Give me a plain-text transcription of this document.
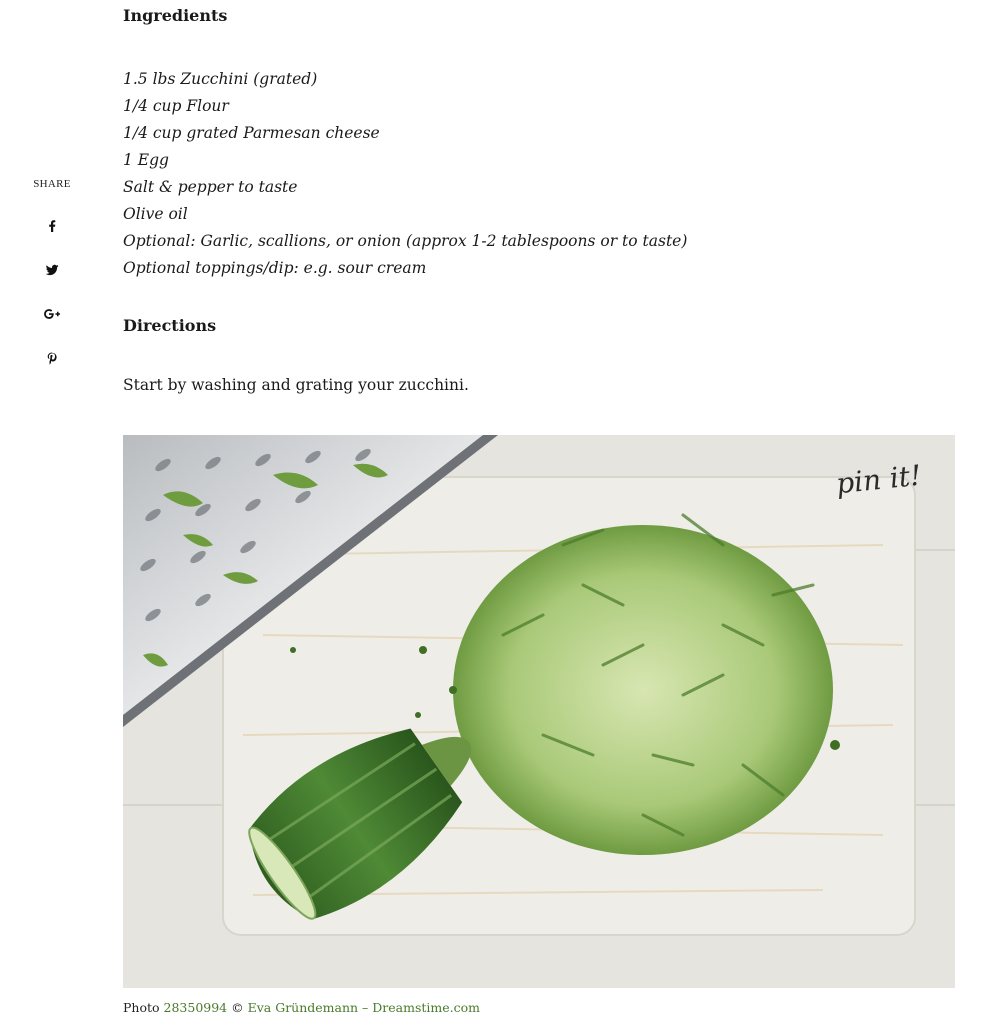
SHARE
Ingredients
1.5 lbs Zucchini (grated)
1/4 cup Flour
1/4 cup grated Parmesan cheese
1 Egg
Salt & pepper to taste
Olive oil
Optional: Garlic, scallions, or onion (approx 1-2 tablespoons or to taste)
Optional toppings/dip: e.g. sour cream
Directions

Start by washing and grating your zucchini.

pin it!
Photo 28350994 © Eva Gründemann – Dreamstime.com
